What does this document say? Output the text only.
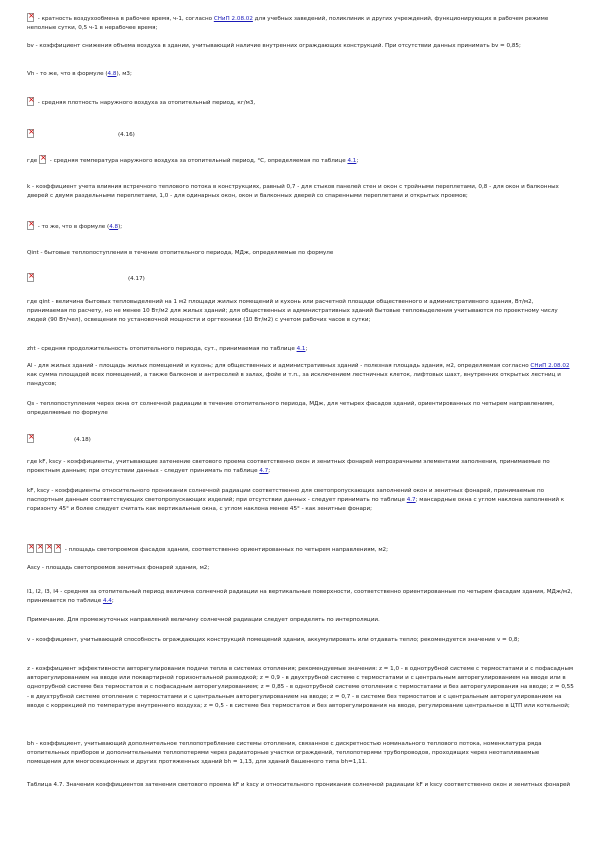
× - кратность воздухообмена в рабочее время, ч-1, согласно СНиП 2.08.02 для учебных заведений, поликлиник и других учреждений, функционирующих в рабочем режиме неполные сутки, 0,5 ч-1 в нерабочее время;

bv - коэффициент снижения объема воздуха в здании, учитывающий наличие внутренних ограждающих конструкций. При отсутствии данных принимать bv = 0,85;

Vh - то же, что в формуле (4.8), м3;

× - средняя плотность наружного воздуха за отопительный период, кг/м3,

×(4.16)

где × - средняя температура наружного воздуха за отопительный период, °С, определяемая по таблице 4.1;

k - коэффициент учета влияния встречного теплового потока в конструкциях, равный 0,7 - для стыков панелей стен и окон с тройными переплетами, 0,8 - для окон и балконных дверей с двумя раздельными переплетами, 1,0 - для одинарных окон, окон и балконных дверей со спаренными переплетами и открытых проемов;

× - то же, что в формуле (4.8);

Qint - бытовые теплопоступления в течение отопительного периода, МДж, определяемые по формуле

×(4.17)

где qint - величина бытовых тепловыделений на 1 м2 площади жилых помещений и кухонь или расчетной площади общественного и административного здания, Вт/м2, принимаемая по расчету, но не менее 10 Вт/м2 для жилых зданий; для общественных и административных зданий бытовые тепловыделения учитываются по проектному числу людей (90 Вт/чел), освещения по установочной мощности и оргтехники (10 Вт/м2) с учетом рабочих часов в сутки;

zht - средняя продолжительность отопительного периода, сут., принимаемая по таблице 4.1;

Al - для жилых зданий - площадь жилых помещений и кухонь; для общественных и административных зданий - полезная площадь здания, м2, определяемая согласно СНиП 2.08.02 как сумма площадей всех помещений, а также балконов и антресолей в залах, фойе и т.п., за исключением лестничных клеток, лифтовых шахт, внутренних открытых лестниц и пандусов;

Qs - теплопоступления через окна от солнечной радиации в течение отопительного периода, МДж, для четырех фасадов зданий, ориентированных по четырем направлениям, определяемые по формуле

×(4.18)

где kF, kscy - коэффициенты, учитывающие затенение светового проема соответственно окон и зенитных фонарей непрозрачными элементами заполнения, принимаемые по проектным данным; при отсутствии данных - следует принимать по таблице 4.7;

kF, kscy - коэффициенты относительного проникания солнечной радиации соответственно для светопропускающих заполнений окон и зенитных фонарей, принимаемые по паспортным данным соответствующих светопропускающих изделий; при отсутствии данных - следует принимать по таблице 4.7; мансардные окна с углом наклона заполнений к горизонту 45° и более следует считать как вертикальные окна, с углом наклона менее 45° - как зенитные фонари;

×××× - площадь светопроемов фасадов здания, соответственно ориентированных по четырем направлениям, м2;

Ascy - площадь светопроемов зенитных фонарей здания, м2;

I1, I2, I3, I4 - средняя за отопительный период величина солнечной радиации на вертикальные поверхности, соответственно ориентированные по четырем фасадам здания, МДж/м2, принимается по таблице 4.4;

Примечание. Для промежуточных направлений величину солнечной радиации следует определять по интерполяции.

v - коэффициент, учитывающий способность ограждающих конструкций помещений здания, аккумулировать или отдавать тепло; рекомендуется значение v = 0,8;

z - коэффициент эффективности авторегулирования подачи тепла в системах отопления; рекомендуемые значения: z = 1,0 - в однотрубной системе с термостатами и с пофасадным авторегулированием на вводе или поквартирной горизонтальной разводкой; z = 0,9 - в двухтрубной системе с термостатами и с центральным авторегулированием на вводе или в однотрубной системе без термостатов и с пофасадным авторегулированием; z = 0,85 - в однотрубной системе отопления с термостатами и без авторегулирования на вводе; z = 0,55 - в двухтрубной системе отопления с термостатами и с центральным авторегулированием на вводе; z = 0,7 - в системе без термостатов и с центральным авторегулированием на вводе с коррекцией по температуре внутреннего воздуха; z = 0,5 - в системе без термостатов и без авторегулирования на вводе, регулирование центральное в ЦТП или котельной;

bh - коэффициент, учитывающий дополнительное теплопотребление системы отопления, связанное с дискретностью номинального теплового потока, номенклатура ряда отопительных приборов и дополнительными теплопотерями через радиаторные участки ограждений, теплопотерями трубопроводов, проходящих через неотапливаемые помещения для многосекционных и других протяженных зданий bh = 1,13, для зданий башенного типа bh=1,11.

Таблица 4.7. Значения коэффициентов затенения светового проема kF и kscy и относительного проникания солнечной радиации kF и kscy соответственно окон и зенитных фонарей
